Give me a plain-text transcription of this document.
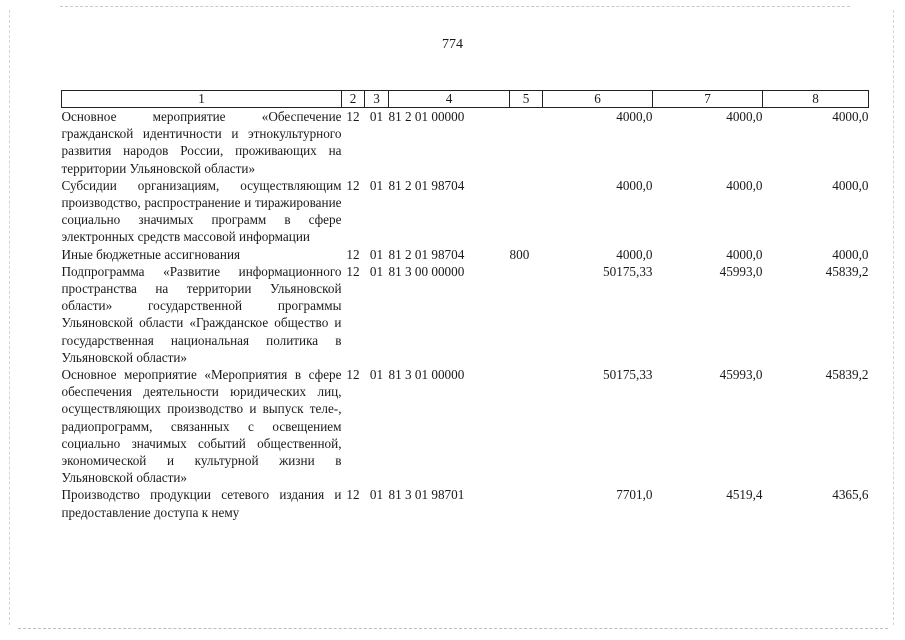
774
1	2	3	4	5	6	7	8
Основное мероприятие «Обеспечение гражданской идентичности и этнокультурного развития народов России, проживающих на территории Ульяновской области»	12	01	81 2 01 00000		4000,0	4000,0	4000,0
Субсидии организациям, осуществляющим производство, распространение и тиражирование социально значимых программ в сфере электронных средств массовой информации	12	01	81 2 01 98704		4000,0	4000,0	4000,0
Иные бюджетные ассигнования	12	01	81 2 01 98704	800	4000,0	4000,0	4000,0
Подпрограмма «Развитие информационного пространства на территории Ульяновской области» государственной программы Ульяновской области «Гражданское общество и государственная национальная политика в Ульяновской области»	12	01	81 3 00 00000		50175,33	45993,0	45839,2
Основное мероприятие «Мероприятия в сфере обеспечения деятельности юридических лиц, осуществляющих производство и выпуск теле-, радиопрограмм, связанных с освещением социально значимых событий общественной, экономической и культурной жизни в Ульяновской области»	12	01	81 3 01 00000		50175,33	45993,0	45839,2
Производство продукции сетевого издания и предоставление доступа к нему	12	01	81 3 01 98701		7701,0	4519,4	4365,6
